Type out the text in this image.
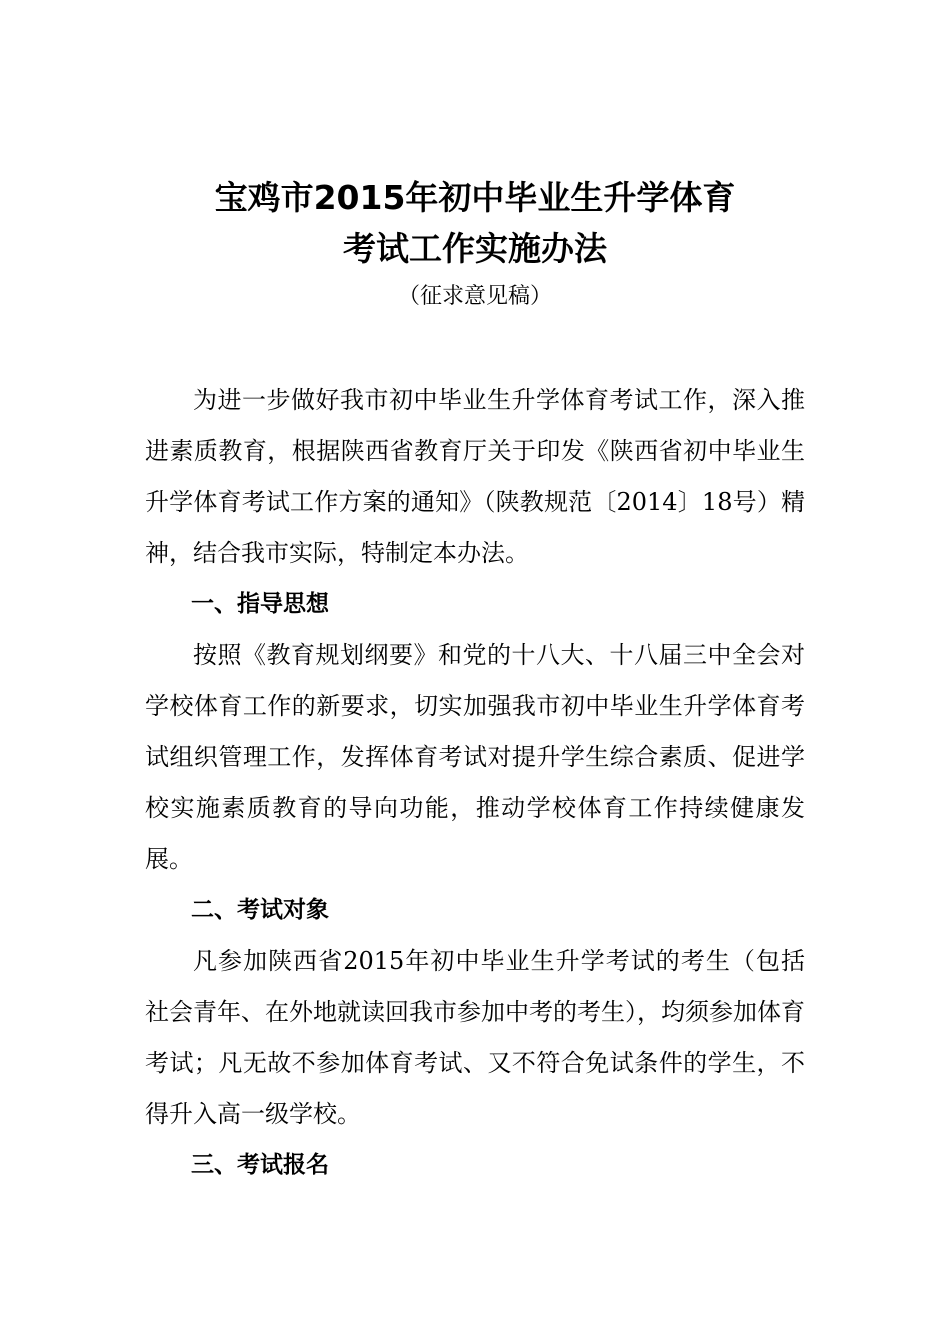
宝鸡市2015年初中毕业生升学体育
考试工作实施办法
（征求意见稿）

为进一步做好我市初中毕业生升学体育考试工作，深入推进素质教育，根据陕西省教育厅关于印发《陕西省初中毕业生升学体育考试工作方案的通知》（陕教规范〔2014〕18号）精神，结合我市实际，特制定本办法。

一、指导思想

按照《教育规划纲要》和党的十八大、十八届三中全会对学校体育工作的新要求，切实加强我市初中毕业生升学体育考试组织管理工作，发挥体育考试对提升学生综合素质、促进学校实施素质教育的导向功能，推动学校体育工作持续健康发展。

二、考试对象

凡参加陕西省2015年初中毕业生升学考试的考生（包括社会青年、在外地就读回我市参加中考的考生），均须参加体育考试；凡无故不参加体育考试、又不符合免试条件的学生，不得升入高一级学校。

三、考试报名
